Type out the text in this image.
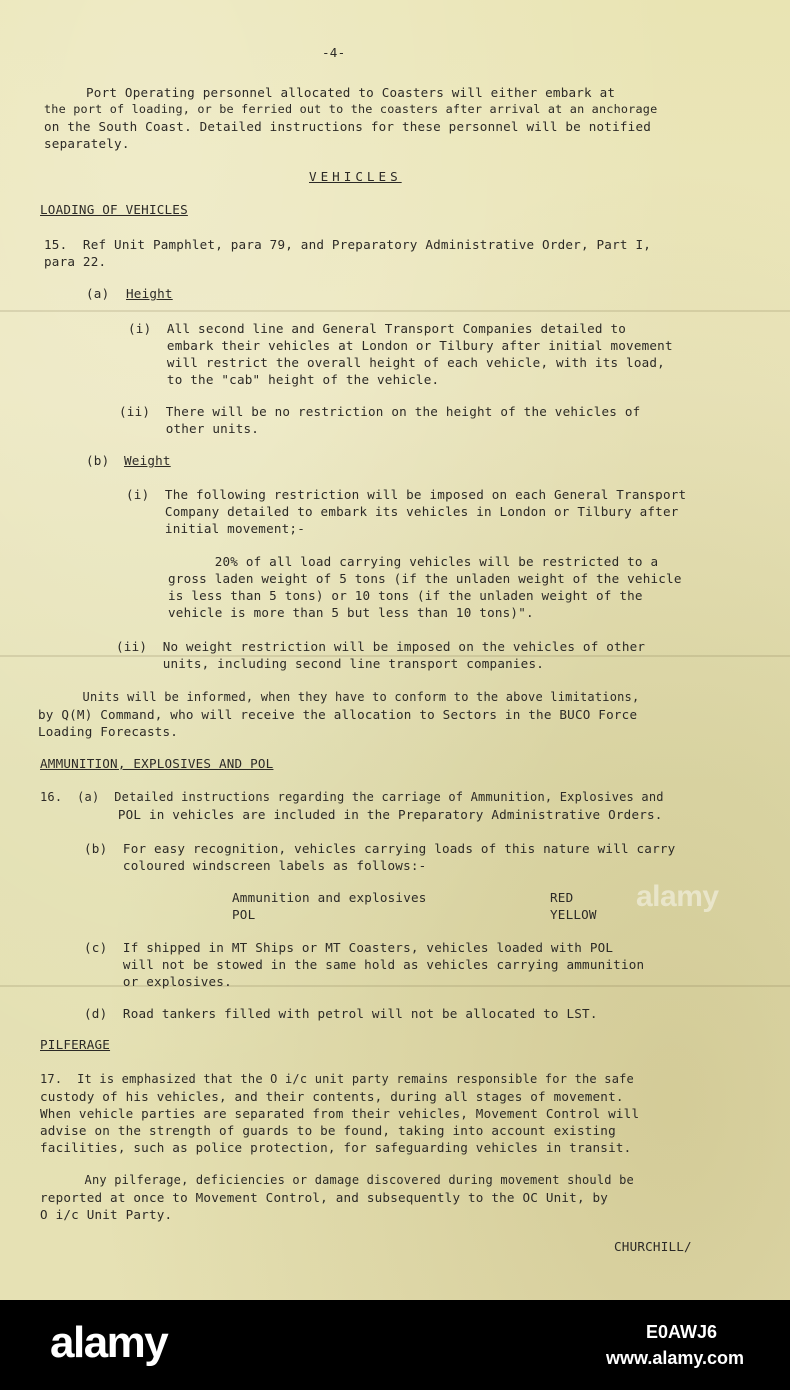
-4-

Port Operating personnel allocated to Coasters will either embark at

the port of loading, or be ferried out to the coasters after arrival at an anchorage

on the South Coast. Detailed instructions for these personnel will be notified

separately.

VEHICLES

LOADING OF VEHICLES

15.  Ref Unit Pamphlet, para 79, and Preparatory Administrative Order, Part I,

para 22.

(a) Height

(i)  All second line and General Transport Companies detailed to

embark their vehicles at London or Tilbury after initial movement

will restrict the overall height of each vehicle, with its load,

to the "cab" height of the vehicle.

(ii)  There will be no restriction on the height of the vehicles of

other units.

(b) Weight

(i)  The following restriction will be imposed on each General Transport

Company detailed to embark its vehicles in London or Tilbury after

initial movement;-

20% of all load carrying vehicles will be restricted to a

gross laden weight of 5 tons (if the unladen weight of the vehicle

is less than 5 tons) or 10 tons (if the unladen weight of the

vehicle is more than 5 but less than 10 tons)".

(ii)  No weight restriction will be imposed on the vehicles of other

units, including second line transport companies.

Units will be informed, when they have to conform to the above limitations,

by Q(M) Command, who will receive the allocation to Sectors in the BUCO Force

Loading Forecasts.

AMMUNITION, EXPLOSIVES AND POL

16.  (a)  Detailed instructions regarding the carriage of Ammunition, Explosives and

POL in vehicles are included in the Preparatory Administrative Orders.

(b)  For easy recognition, vehicles carrying loads of this nature will carry

coloured windscreen labels as follows:-

Ammunition and explosives	RED

POL	YELLOW

(c)  If shipped in MT Ships or MT Coasters, vehicles loaded with POL

will not be stowed in the same hold as vehicles carrying ammunition

or explosives.

(d)  Road tankers filled with petrol will not be allocated to LST.

PILFERAGE

17.  It is emphasized that the O i/c unit party remains responsible for the safe

custody of his vehicles, and their contents, during all stages of movement.

When vehicle parties are separated from their vehicles, Movement Control will

advise on the strength of guards to be found, taking into account existing

facilities, such as police protection, for safeguarding vehicles in transit.

Any pilferage, deficiencies or damage discovered during movement should be

reported at once to Movement Control, and subsequently to the OC Unit, by

O i/c Unit Party.

CHURCHILL/

alamy
alamy	E0AWJ6
www.alamy.com
